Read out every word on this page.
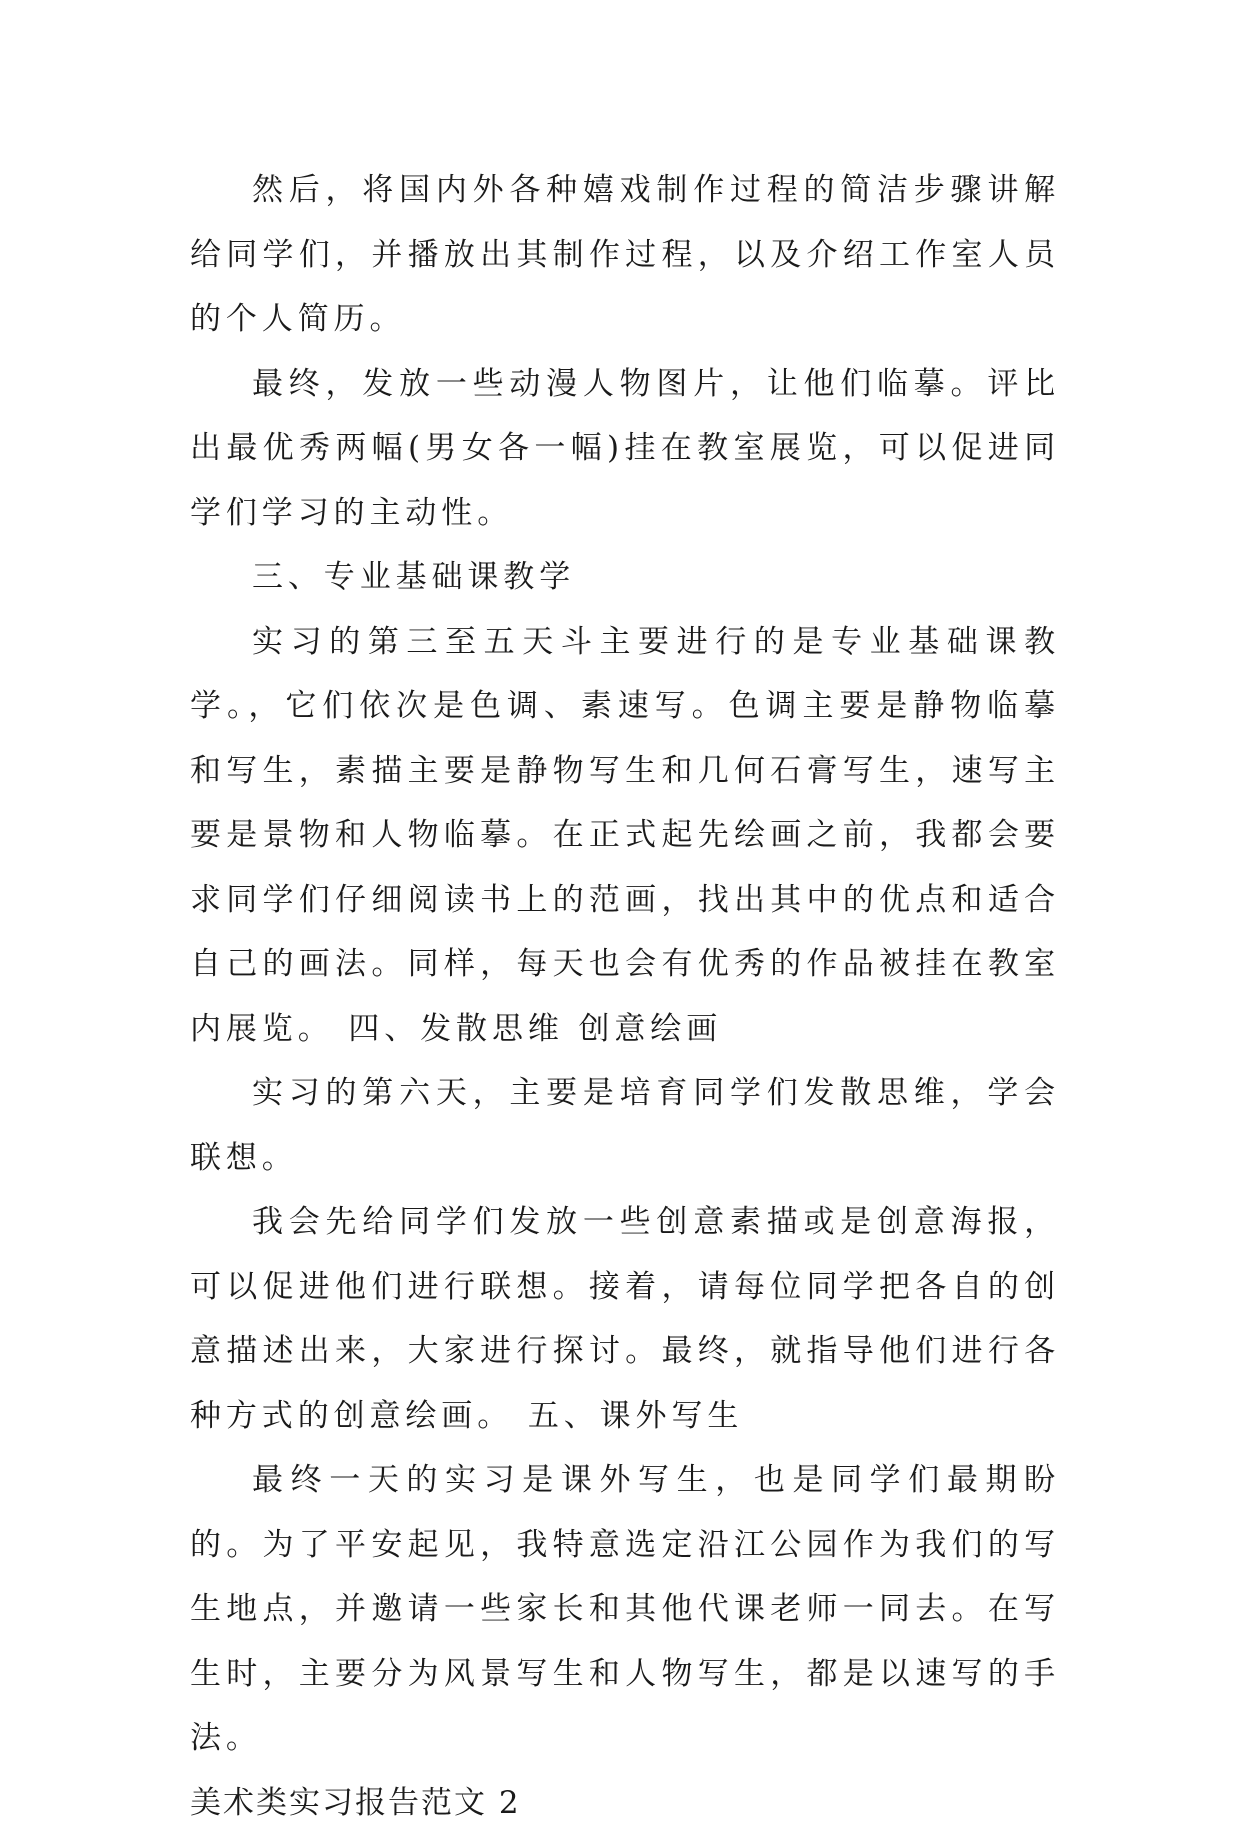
然后，将国内外各种嬉戏制作过程的简洁步骤讲解给同学们，并播放出其制作过程，以及介绍工作室人员的个人简历。

最终，发放一些动漫人物图片，让他们临摹。评比出最优秀两幅(男女各一幅)挂在教室展览，可以促进同学们学习的主动性。

三、专业基础课教学

实习的第三至五天斗主要进行的是专业基础课教学。，它们依次是色调、素速写。色调主要是静物临摹和写生，素描主要是静物写生和几何石膏写生，速写主要是景物和人物临摹。在正式起先绘画之前，我都会要求同学们仔细阅读书上的范画，找出其中的优点和适合自己的画法。同样，每天也会有优秀的作品被挂在教室内展览。 四、发散思维 创意绘画

实习的第六天，主要是培育同学们发散思维，学会联想。

我会先给同学们发放一些创意素描或是创意海报，可以促进他们进行联想。接着，请每位同学把各自的创意描述出来，大家进行探讨。最终，就指导他们进行各种方式的创意绘画。 五、课外写生

最终一天的实习是课外写生，也是同学们最期盼的。为了平安起见，我特意选定沿江公园作为我们的写生地点，并邀请一些家长和其他代课老师一同去。在写生时，主要分为风景写生和人物写生，都是以速写的手法。

美术类实习报告范文 2
